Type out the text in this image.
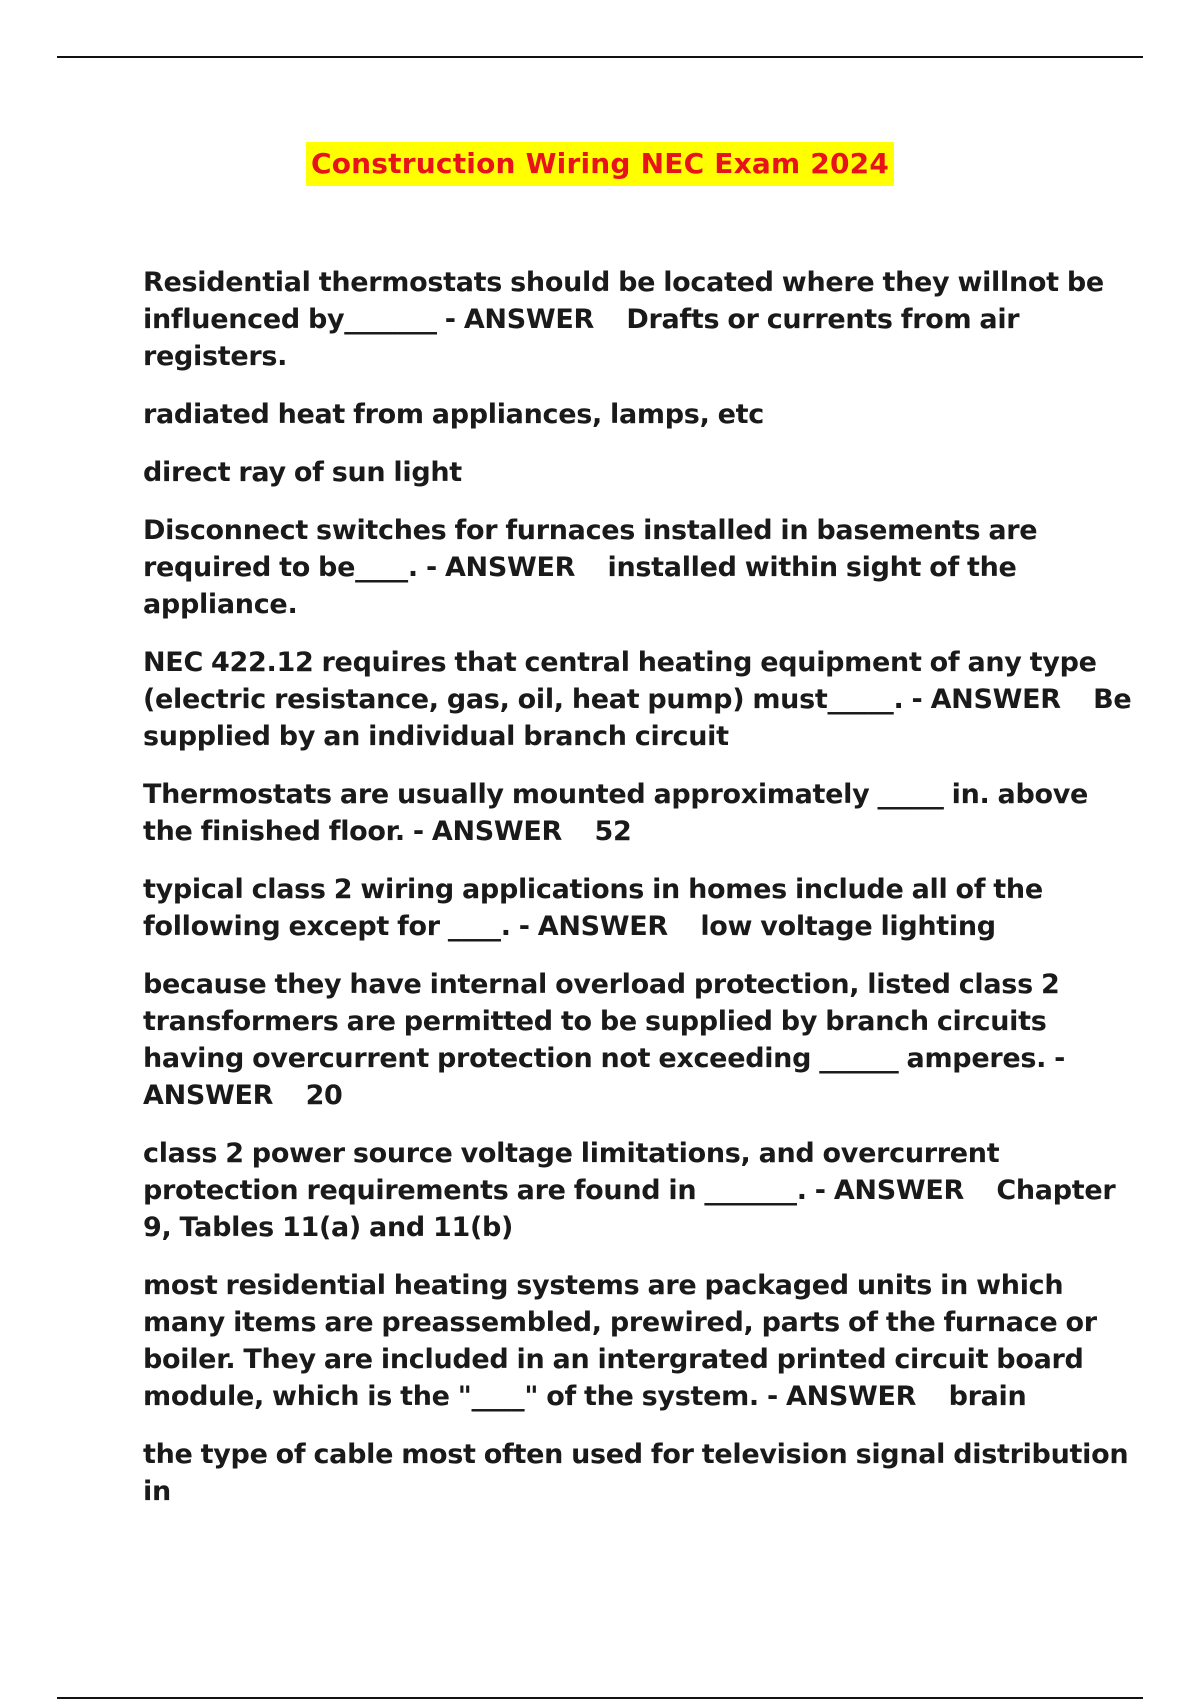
Construction Wiring NEC Exam 2024

Residential thermostats should be located where they willnot be influenced by_______ - ANSWER Drafts or currents from air registers.

radiated heat from appliances, lamps, etc

direct ray of sun light

Disconnect switches for furnaces installed in basements are required to be____. - ANSWER installed within sight of the appliance.

NEC 422.12 requires that central heating equipment of any type (electric resistance, gas, oil, heat pump) must_____. - ANSWER Be supplied by an individual branch circuit

Thermostats are usually mounted approximately _____ in. above the finished floor. - ANSWER 52

typical class 2 wiring applications in homes include all of the following except for ____. - ANSWER low voltage lighting

because they have internal overload protection, listed class 2 transformers are permitted to be supplied by branch circuits having overcurrent protection not exceeding ______ amperes. - ANSWER 20

class 2 power source voltage limitations, and overcurrent protection requirements are found in _______. - ANSWER Chapter 9, Tables 11(a) and 11(b)

most residential heating systems are packaged units in which many items are preassembled, prewired, parts of the furnace or boiler. They are included in an intergrated printed circuit board module, which is the "____" of the system. - ANSWER brain

the type of cable most often used for television signal distribution in
